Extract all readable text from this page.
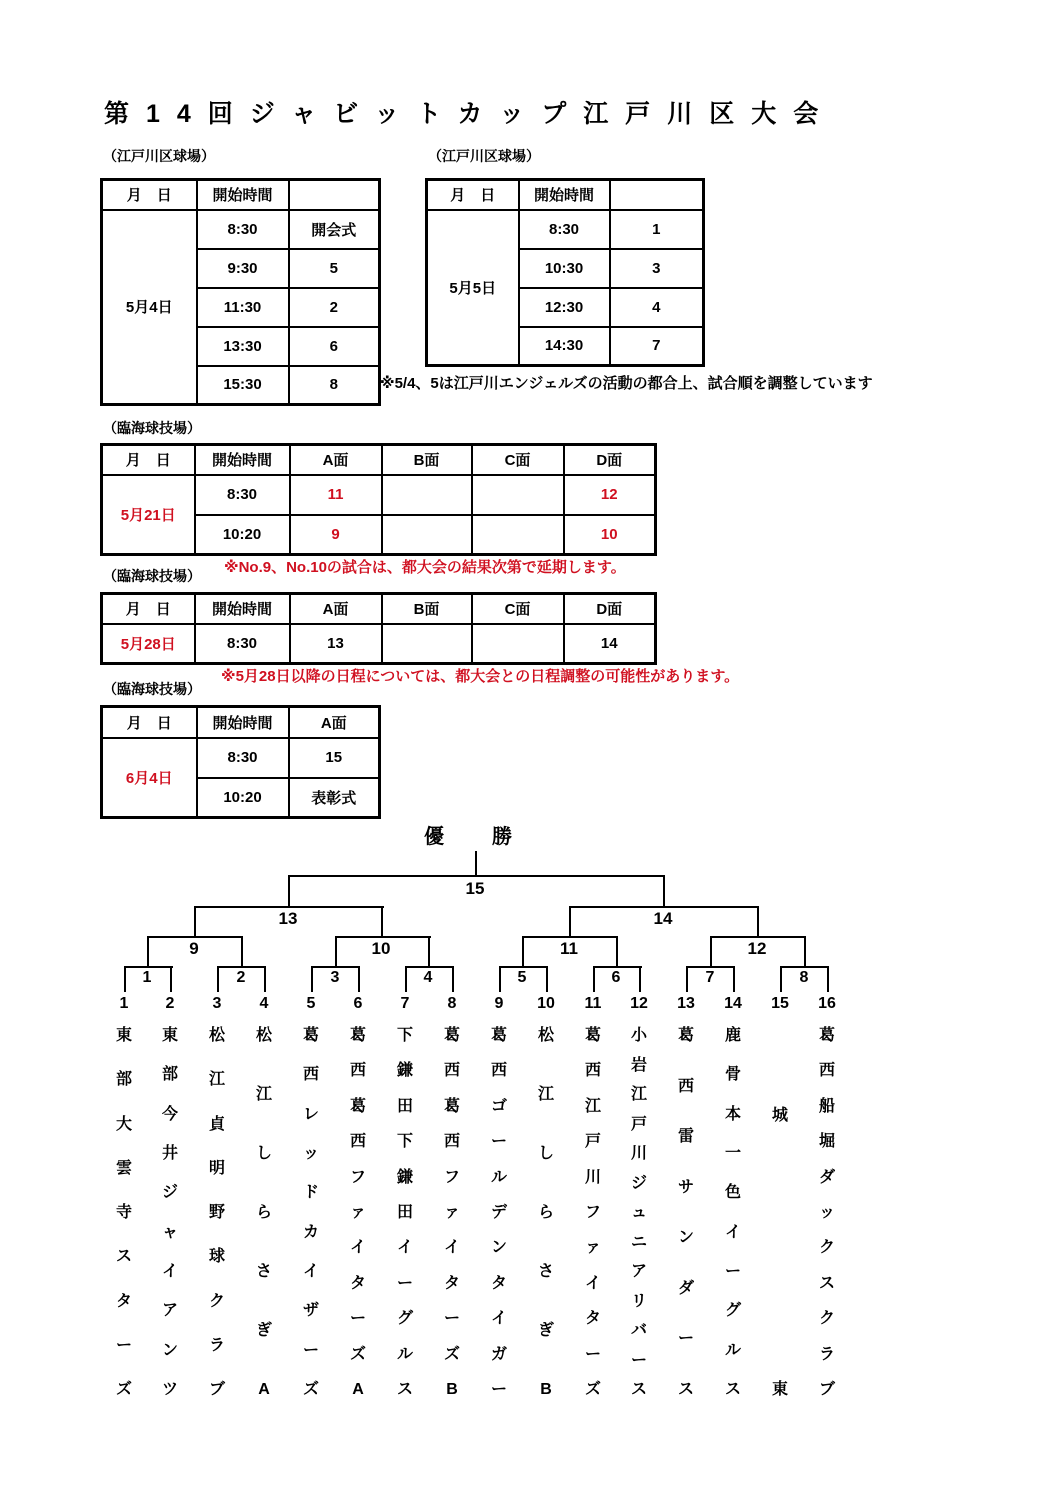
第14回ジャビットカップ江戸川区大会
（江戸川区球場）	（江戸川区球場）
（臨海球技場）
（臨海球技場）
（臨海球技場）
※5/4、5は江戸川エンジェルズの活動の都合上、試合順を調整しています
※No.9、No.10の試合は、都大会の結果次第で延期します。
※5月28日以降の日程については、都大会との日程調整の可能性があります。
月　日	開始時間	
5月4日	8:30	開会式
	9:30	5
	11:30	2
	13:30	6
	15:30	8
月　日	開始時間	
5月5日	8:30	1
	10:30	3
	12:30	4
	14:30	7
月　日	開始時間	A面	B面	C面	D面
5月21日	8:30	11			12
	10:20	9			10
月　日	開始時間	A面	B面	C面	D面
5月28日	8:30	13			14
月　日	開始時間	A面
6月4日	8:30	15
	10:20	表彰式
優　勝
1	2	3	4	5	6	7	8
9	10	11	12
13	14
15
1
東
部
大
雲
寺
ス
タ
ー
ズ
2
東
部
今
井
ジ
ャ
イ
ア
ン
ツ
3
松
江
貞
明
野
球
ク
ラ
ブ
4
松
江
し
ら
さ
ぎ
A
5
葛
西
レ
ッ
ド
カ
イ
ザ
ー
ズ
6
葛
西
葛
西
フ
ァ
イ
タ
ー
ズ
A
7
下
鎌
田
下
鎌
田
イ
ー
グ
ル
ス
8
葛
西
葛
西
フ
ァ
イ
タ
ー
ズ
B
9
葛
西
ゴ
ー
ル
デ
ン
タ
イ
ガ
ー
10
松
江
し
ら
さ
ぎ
B
11
葛
西
江
戸
川
フ
ァ
イ
タ
ー
ズ
12
小
岩
江
戸
川
ジ
ュ
ニ
ア
リ
バ
ー
ス
13
葛
西
雷
サ
ン
ダ
ー
ス
14
鹿
骨
本
一
色
イ
ー
グ
ル
ス
15
城
東
16
葛
西
船
堀
ダ
ッ
ク
ス
ク
ラ
ブ
